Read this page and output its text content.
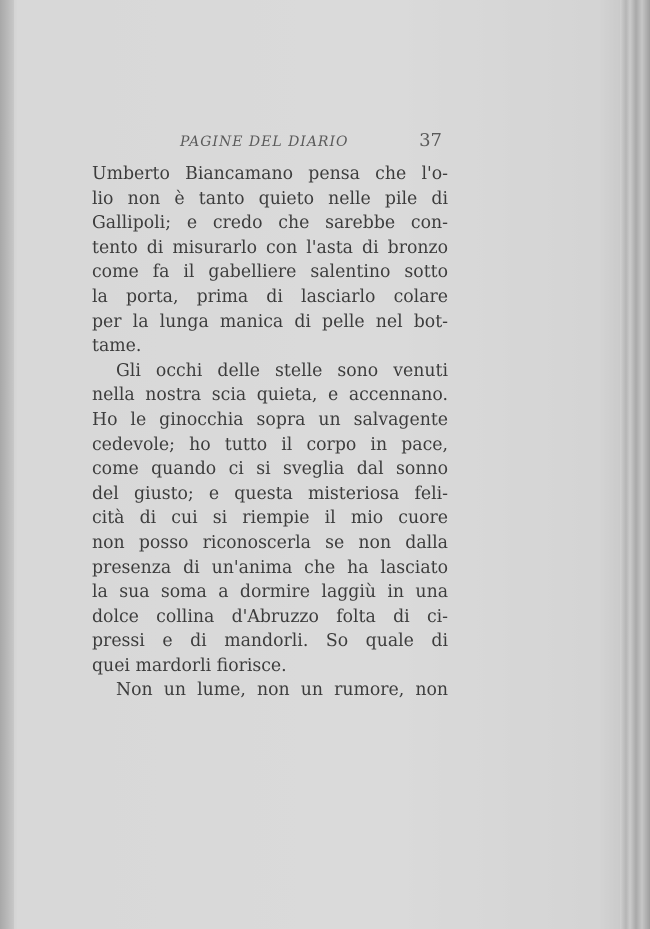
PAGINE DEL DIARIO	37
Umberto Biancamano pensa che l'o-
lio non è tanto quieto nelle pile di
Gallipoli; e credo che sarebbe con-
tento di misurarlo con l'asta di bronzo
come fa il gabelliere salentino sotto
la porta, prima di lasciarlo colare
per la lunga manica di pelle nel bot-
tame.
Gli occhi delle stelle sono venuti
nella nostra scia quieta, e accennano.
Ho le ginocchia sopra un salvagente
cedevole; ho tutto il corpo in pace,
come quando ci si sveglia dal sonno
del giusto; e questa misteriosa feli-
cità di cui si riempie il mio cuore
non posso riconoscerla se non dalla
presenza di un'anima che ha lasciato
la sua soma a dormire laggiù in una
dolce collina d'Abruzzo folta di ci-
pressi e di mandorli. So quale di
quei mardorli fiorisce.
Non un lume, non un rumore, non
